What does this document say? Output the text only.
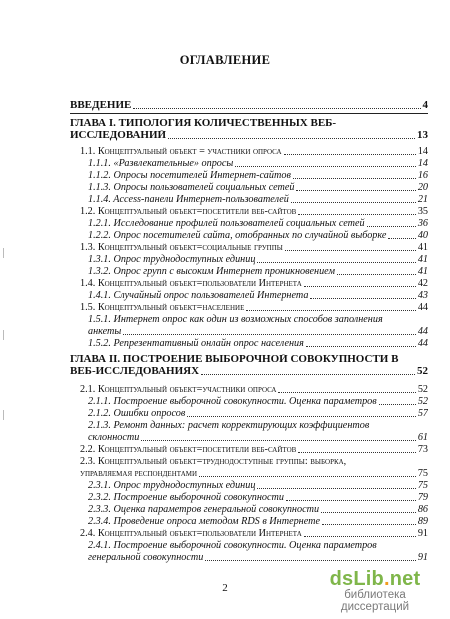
ОГЛАВЛЕНИЕ
ВВЕДЕНИЕ	4
ГЛАВА I. ТИПОЛОГИЯ КОЛИЧЕСТВЕННЫХ ВЕБ-
ИССЛЕДОВАНИЙ	13
1.1. Концептуальный объект = участники опроса	14
1.1.1. «Развлекательные» опросы	14
1.1.2. Опросы посетителей Интернет-сайтов	16
1.1.3. Опросы пользователей социальных сетей	20
1.1.4. Access-панели Интернет-пользователей	21
1.2. Концептуальный объект=посетители веб-сайтов	35
1.2.1. Исследование профилей пользователей социальных сетей	36
1.2.2. Опрос посетителей сайта, отобранных по случайной выборке	40
1.3. Концептуальный объект=социальные группы	41
1.3.1. Опрос труднодоступных единиц	41
1.3.2. Опрос групп с высоким Интернет проникновением	41
1.4. Концептуальный объект=пользователи Интернета	42
1.4.1. Случайный опрос пользователей Интернета	43
1.5. Концептуальный объект=население	44
1.5.1. Интернет опрос как один из возможных способов заполнения
анкеты	44
1.5.2. Репрезентативный онлайн опрос населения	44
ГЛАВА II. ПОСТРОЕНИЕ ВЫБОРОЧНОЙ СОВОКУПНОСТИ В
ВЕБ-ИССЛЕДОВАНИЯХ	52
2.1. Концептуальный объект=участники опроса	52
2.1.1. Построение выборочной совокупности. Оценка параметров	52
2.1.2. Ошибки опросов	57
2.1.3. Ремонт данных: расчет корректирующих коэффициентов
склонности	61
2.2. Концептуальный объект=посетители веб-сайтов	73
2.3. Концептуальный объект=труднодоступные группы: выборка,
управляемая респондентами	75
2.3.1. Опрос труднодоступных единиц	75
2.3.2. Построение выборочной совокупности	79
2.3.3. Оценка параметров генеральной совокупности	86
2.3.4. Проведение опроса методом RDS в Интернете	89
2.4. Концептуальный объект=пользователи Интернета	91
2.4.1. Построение выборочной совокупности. Оценка параметров
генеральной совокупности	91
2	dsLib.net
библиотека диссертаций
